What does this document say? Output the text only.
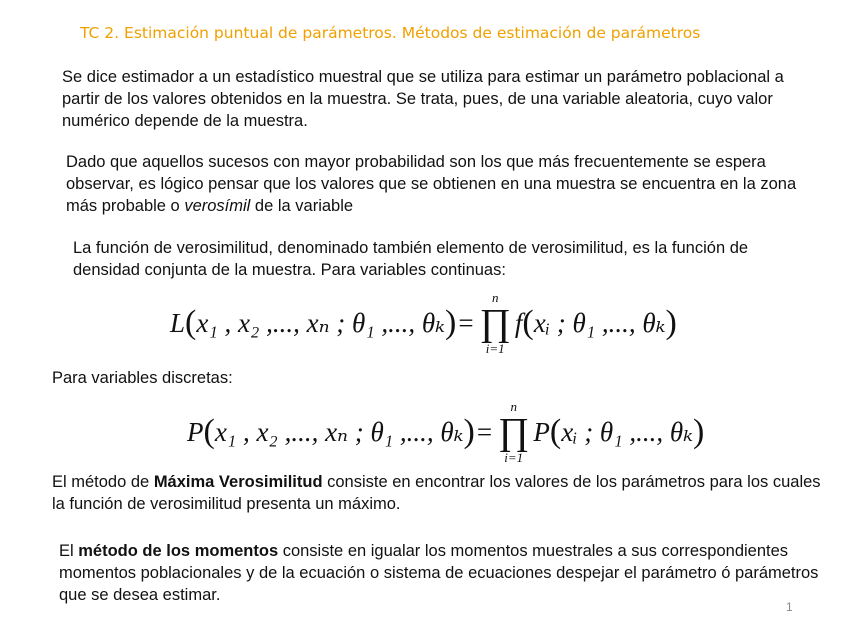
TC 2. Estimación puntual de parámetros. Métodos de estimación de parámetros

Se dice estimador a un estadístico muestral que se utiliza para estimar un parámetro poblacional a partir de los valores obtenidos en la muestra. Se trata, pues, de una variable aleatoria, cuyo valor numérico depende de la muestra.

Dado que aquellos sucesos con mayor probabilidad son los que más frecuentemente se espera observar, es lógico pensar que los valores que se obtienen en una muestra se encuentra en la zona más probable o verosímil de la variable

La función de verosimilitud, denominado también elemento de verosimilitud, es la función de densidad conjunta de la muestra. Para variables continuas:

L ( x₁ , x₂ ,..., xₙ ; θ₁ ,..., θₖ ) =
n
∏
i=1
f ( xᵢ ; θ₁ ,..., θₖ )

Para variables discretas:

P ( x₁ , x₂ ,..., xₙ ; θ₁ ,..., θₖ ) =
n
∏
i=1
P ( xᵢ ; θ₁ ,..., θₖ )

El método de Máxima Verosimilitud consiste en encontrar los valores de los parámetros para los cuales la función de verosimilitud presenta un máximo.

El método de los momentos consiste en igualar los momentos muestrales a sus correspondientes momentos poblacionales y de la ecuación o sistema de ecuaciones despejar el parámetro ó parámetros que se desea estimar.

1
